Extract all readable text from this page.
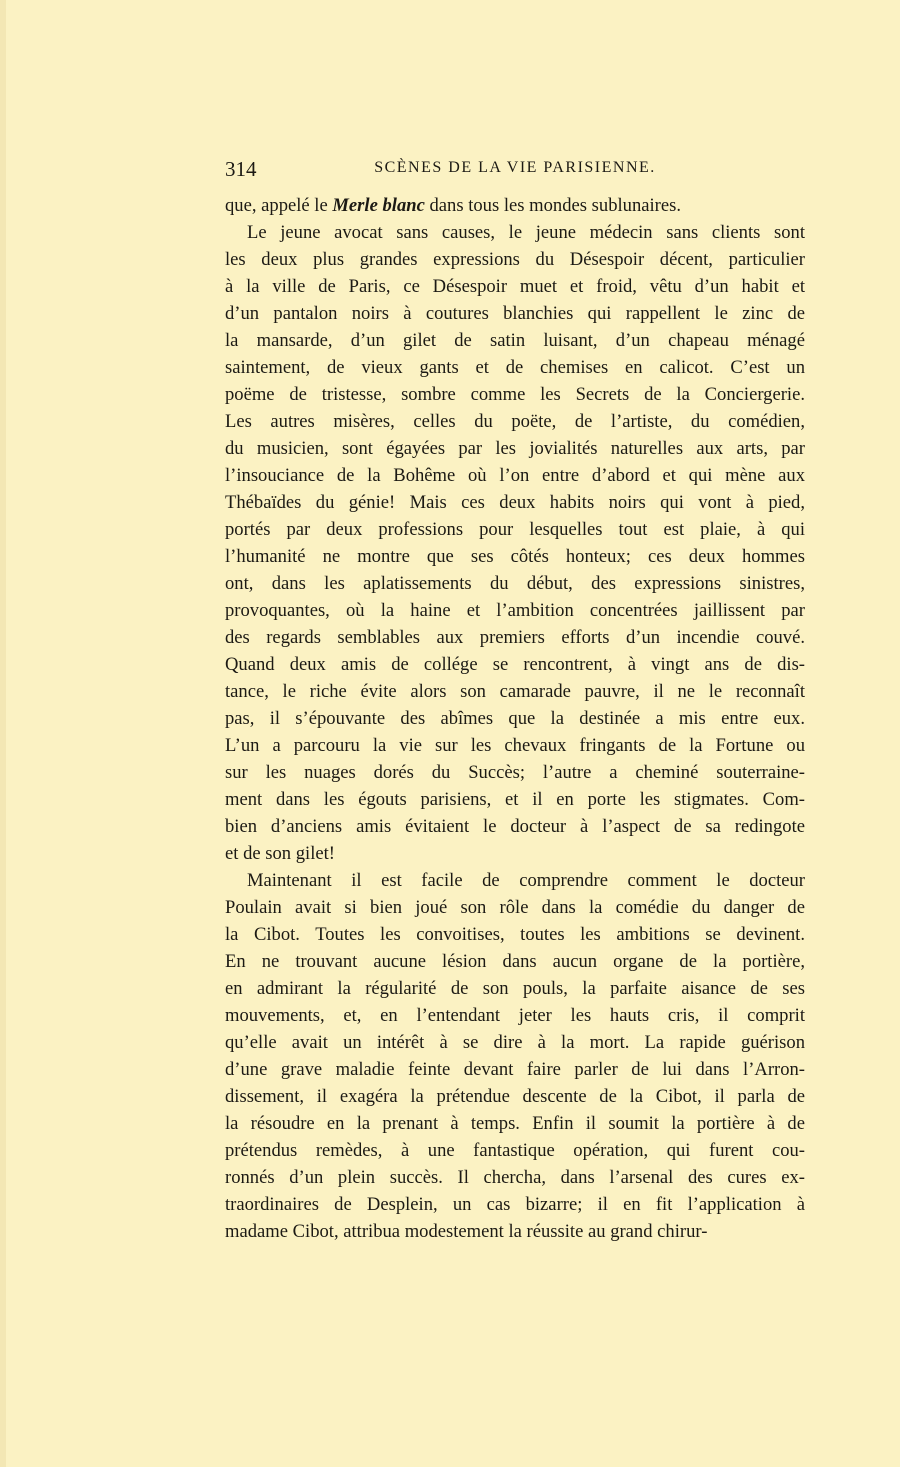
314	SCÈNES DE LA VIE PARISIENNE.
que, appelé le Merle blanc dans tous les mondes sublunaires.
Le jeune avocat sans causes, le jeune médecin sans clients sont
les deux plus grandes expressions du Désespoir décent, particulier
à la ville de Paris, ce Désespoir muet et froid, vêtu d’un habit et
d’un pantalon noirs à coutures blanchies qui rappellent le zinc de
la mansarde, d’un gilet de satin luisant, d’un chapeau ménagé
saintement, de vieux gants et de chemises en calicot. C’est un
poëme de tristesse, sombre comme les Secrets de la Conciergerie.
Les autres misères, celles du poëte, de l’artiste, du comédien,
du musicien, sont égayées par les jovialités naturelles aux arts, par
l’insouciance de la Bohême où l’on entre d’abord et qui mène aux
Thébaïdes du génie! Mais ces deux habits noirs qui vont à pied,
portés par deux professions pour lesquelles tout est plaie, à qui
l’humanité ne montre que ses côtés honteux; ces deux hommes
ont, dans les aplatissements du début, des expressions sinistres,
provoquantes, où la haine et l’ambition concentrées jaillissent par
des regards semblables aux premiers efforts d’un incendie couvé.
Quand deux amis de collége se rencontrent, à vingt ans de dis-
tance, le riche évite alors son camarade pauvre, il ne le reconnaît
pas, il s’épouvante des abîmes que la destinée a mis entre eux.
L’un a parcouru la vie sur les chevaux fringants de la Fortune ou
sur les nuages dorés du Succès; l’autre a cheminé souterraine-
ment dans les égouts parisiens, et il en porte les stigmates. Com-
bien d’anciens amis évitaient le docteur à l’aspect de sa redingote
et de son gilet!
Maintenant il est facile de comprendre comment le docteur
Poulain avait si bien joué son rôle dans la comédie du danger de
la Cibot. Toutes les convoitises, toutes les ambitions se devinent.
En ne trouvant aucune lésion dans aucun organe de la portière,
en admirant la régularité de son pouls, la parfaite aisance de ses
mouvements, et, en l’entendant jeter les hauts cris, il comprit
qu’elle avait un intérêt à se dire à la mort. La rapide guérison
d’une grave maladie feinte devant faire parler de lui dans l’Arron-
dissement, il exagéra la prétendue descente de la Cibot, il parla de
la résoudre en la prenant à temps. Enfin il soumit la portière à de
prétendus remèdes, à une fantastique opération, qui furent cou-
ronnés d’un plein succès. Il chercha, dans l’arsenal des cures ex-
traordinaires de Desplein, un cas bizarre; il en fit l’application à
madame Cibot, attribua modestement la réussite au grand chirur-
